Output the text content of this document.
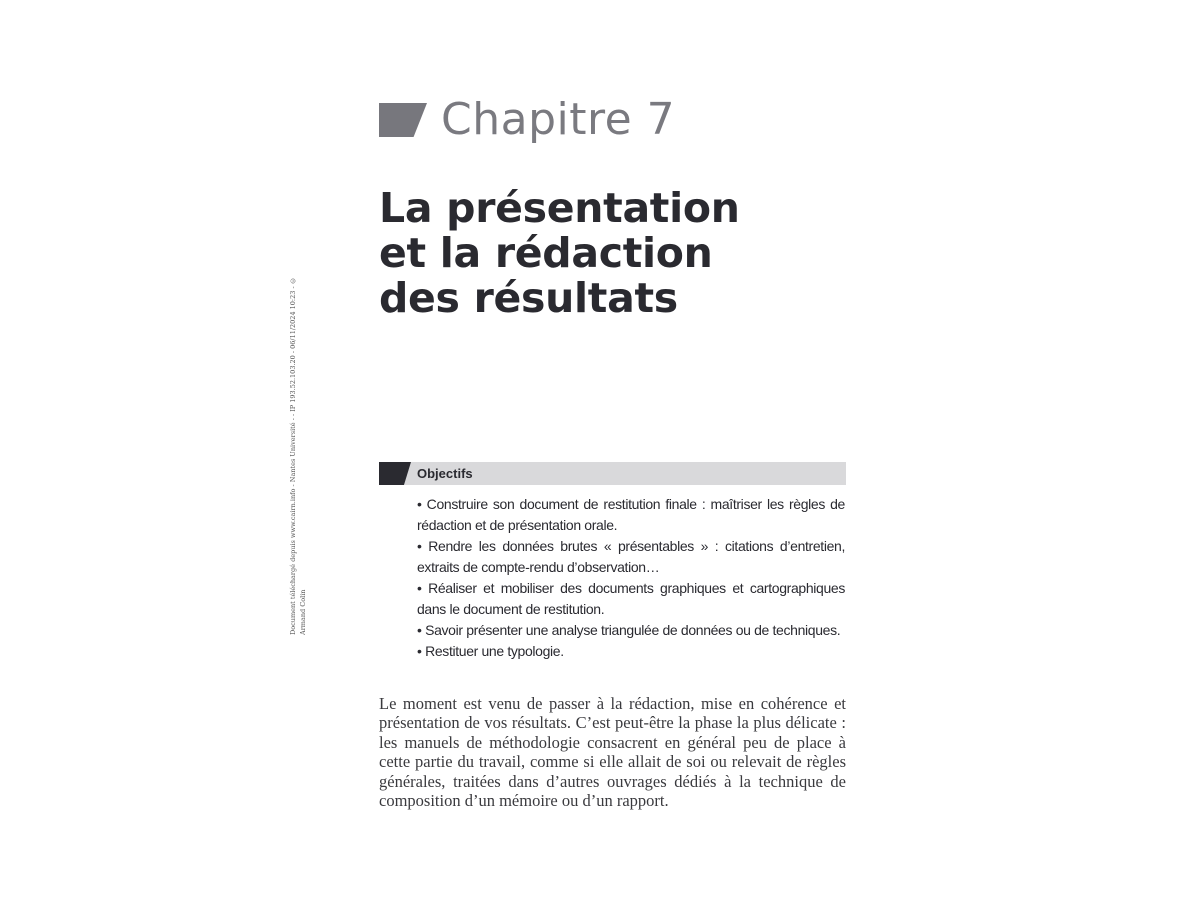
Document téléchargé depuis www.cairn.info - Nantes Université - - IP 193.52.103.20 - 06/11/2024 10:23 - © Armand Colin
Chapitre 7
La présentation
et la rédaction
des résultats
Objectifs
• Construire son document de restitution finale : maîtriser les règles de rédaction et de présentation orale.
• Rendre les données brutes « présentables » : citations d’entretien, extraits de compte-rendu d’observation…
• Réaliser et mobiliser des documents graphiques et cartographiques dans le document de restitution.
• Savoir présenter une analyse triangulée de données ou de techniques.
• Restituer une typologie.

Le moment est venu de passer à la rédaction, mise en cohérence et présentation de vos résultats. C’est peut-être la phase la plus délicate : les manuels de méthodologie consacrent en général peu de place à cette partie du travail, comme si elle allait de soi ou relevait de règles générales, traitées dans d’autres ouvrages dédiés à la technique de composition d’un mémoire ou d’un rapport.
